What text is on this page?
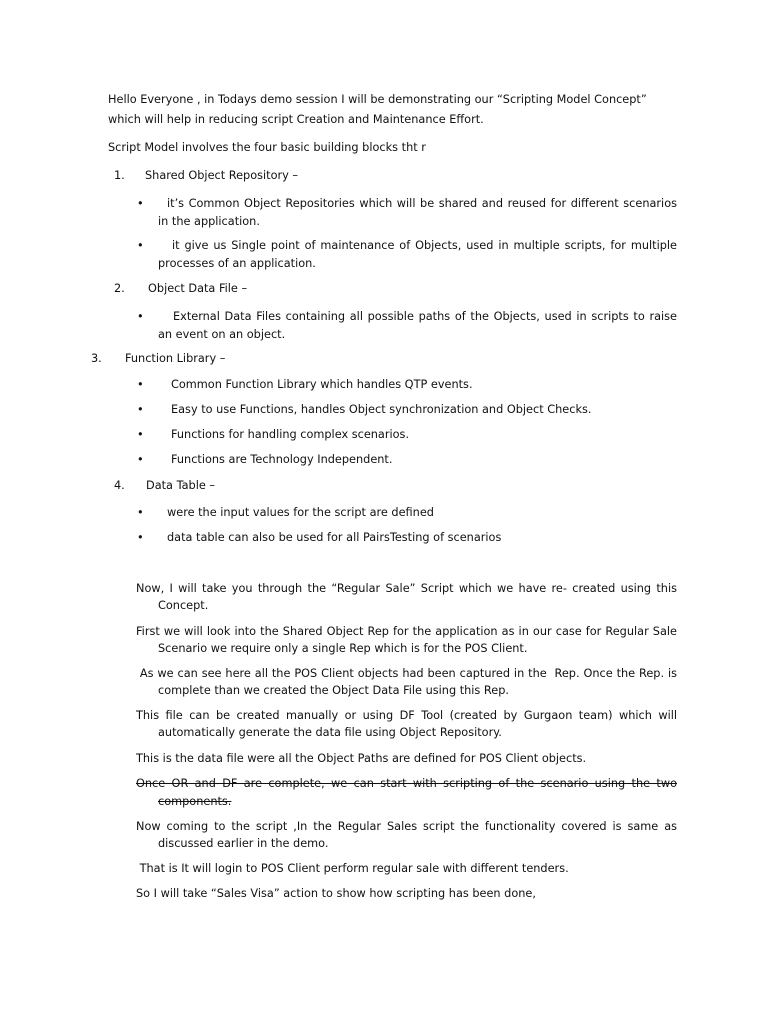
Hello Everyone , in Todays demo session I will be demonstrating our “Scripting Model Concept”
which will help in reducing script Creation and Maintenance Effort.
Script Model involves the four basic building blocks tht r
1. Shared Object Repository –
• it’s Common Object Repositories which will be shared and reused for different scenarios
in the application.
•	it give us Single point of maintenance of Objects, used in multiple scripts, for multiple
processes of an application.
2. Object Data File –
•	External Data Files containing all possible paths of the Objects, used in scripts to raise
an event on an object.
3. Function Library –
• Common Function Library which handles QTP events.
• Easy to use Functions, handles Object synchronization and Object Checks.
• Functions for handling complex scenarios.
• Functions are Technology Independent.
4. Data Table –
• were the input values for the script are defined
• data table can also be used for all PairsTesting of scenarios
Now, I will take you through the “Regular Sale” Script which we have re- created using this
Concept.
First we will look into the Shared Object Rep for the application as in our case for Regular Sale
Scenario we require only a single Rep which is for the POS Client.
As we can see here all the POS Client objects had been captured in the  Rep. Once the Rep. is
complete than we created the Object Data File using this Rep.
This file can be created manually or using DF Tool (created by Gurgaon team) which will
automatically generate the data file using Object Repository.
This is the data file were all the Object Paths are defined for POS Client objects.
Once OR and DF are complete, we can start with scripting of the scenario using the two
components.
Now coming to the script ,In the Regular Sales script the functionality covered is same as
discussed earlier in the demo.
That is It will login to POS Client perform regular sale with different tenders.
So I will take “Sales Visa” action to show how scripting has been done,
